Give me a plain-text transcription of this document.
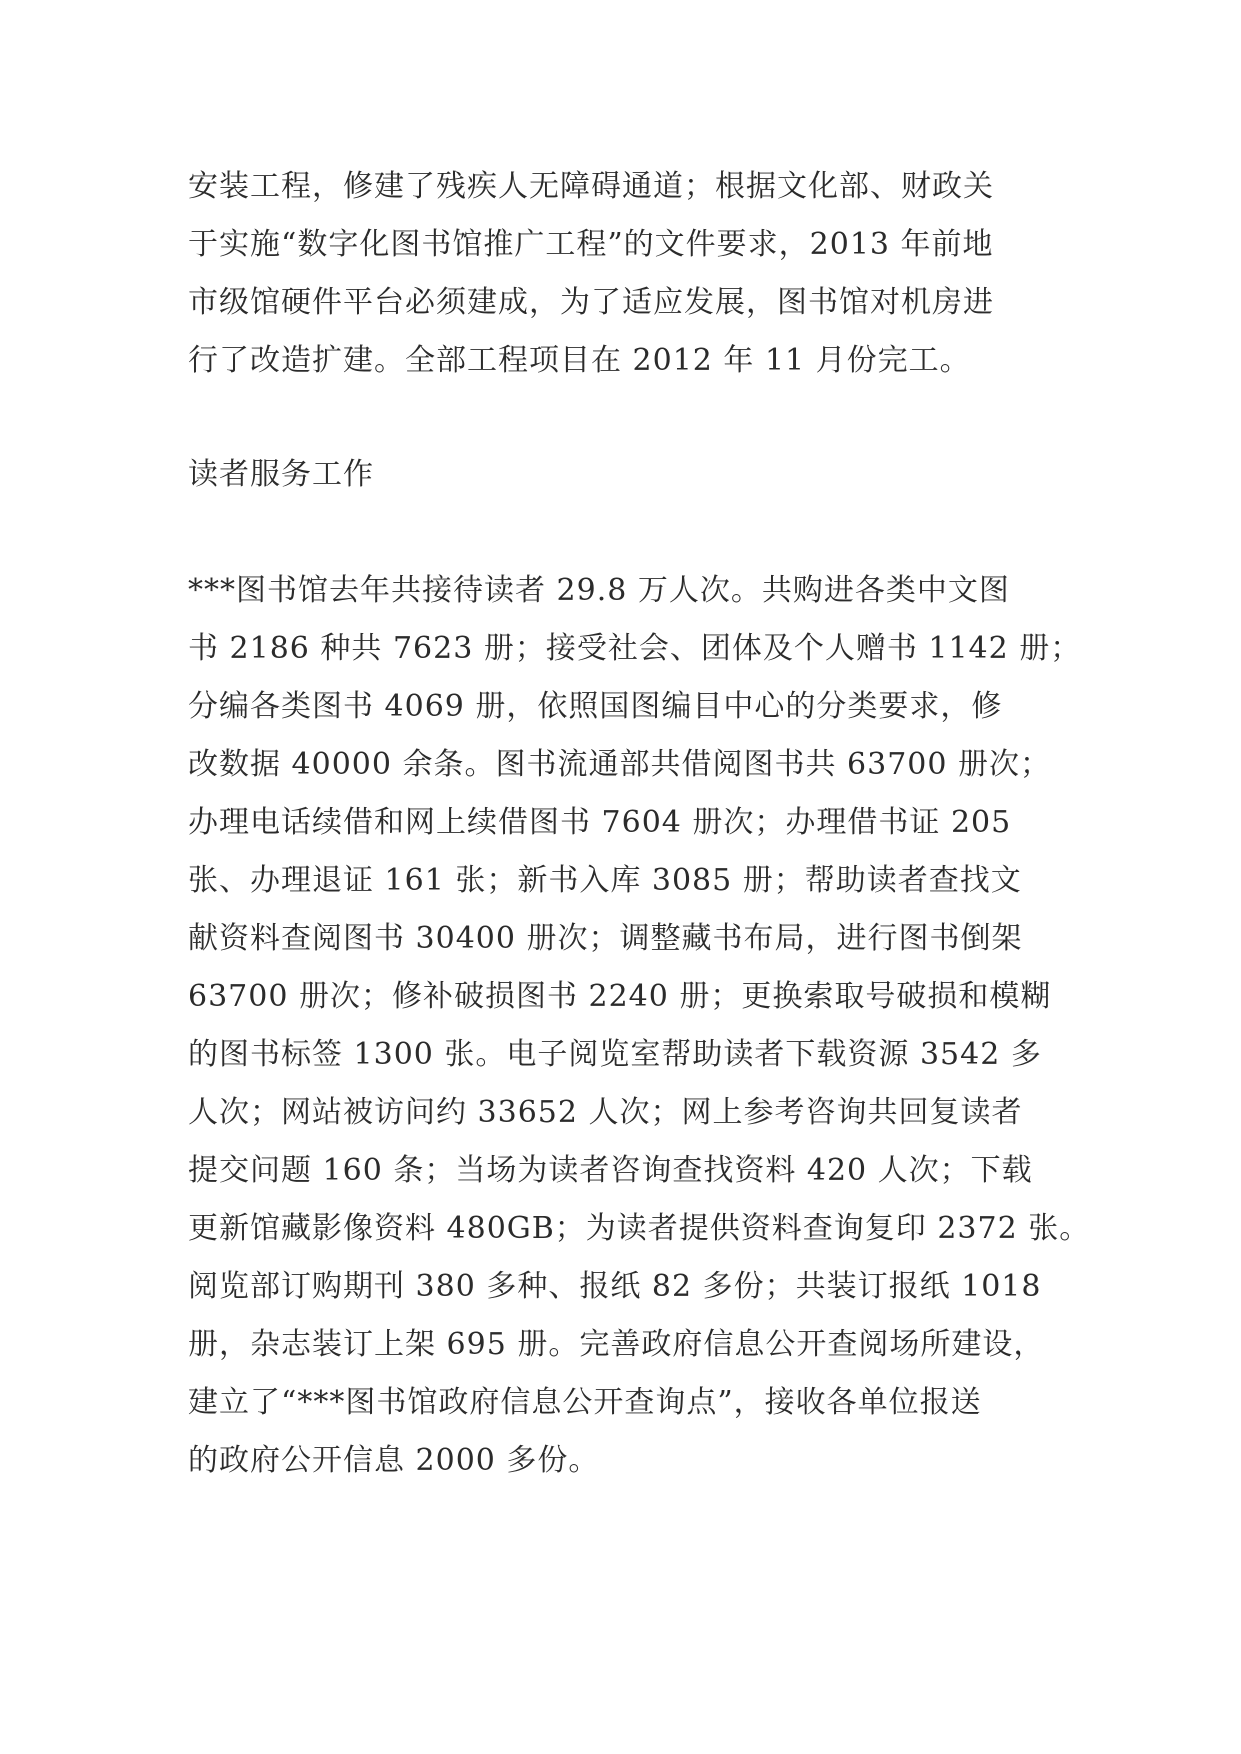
安装工程，修建了残疾人无障碍通道；根据文化部、财政关
于实施“数字化图书馆推广工程”的文件要求，2013 年前地
市级馆硬件平台必须建成，为了适应发展，图书馆对机房进
行了改造扩建。全部工程项目在 2012 年 11 月份完工。
读者服务工作
***图书馆去年共接待读者 29.8 万人次。共购进各类中文图
书 2186 种共 7623 册；接受社会、团体及个人赠书 1142 册；
分编各类图书 4069 册，依照国图编目中心的分类要求，修
改数据 40000 余条。图书流通部共借阅图书共 63700 册次；
办理电话续借和网上续借图书 7604 册次；办理借书证 205
张、办理退证 161 张；新书入库 3085 册；帮助读者查找文
献资料查阅图书 30400 册次；调整藏书布局，进行图书倒架
63700 册次；修补破损图书 2240 册；更换索取号破损和模糊
的图书标签 1300 张。电子阅览室帮助读者下载资源 3542 多
人次；网站被访问约 33652 人次；网上参考咨询共回复读者
提交问题 160 条；当场为读者咨询查找资料 420 人次；下载
更新馆藏影像资料 480GB；为读者提供资料查询复印 2372 张。
阅览部订购期刊 380 多种、报纸 82 多份；共装订报纸 1018
册，杂志装订上架 695 册。完善政府信息公开查阅场所建设，
建立了“***图书馆政府信息公开查询点”，接收各单位报送
的政府公开信息 2000 多份。
